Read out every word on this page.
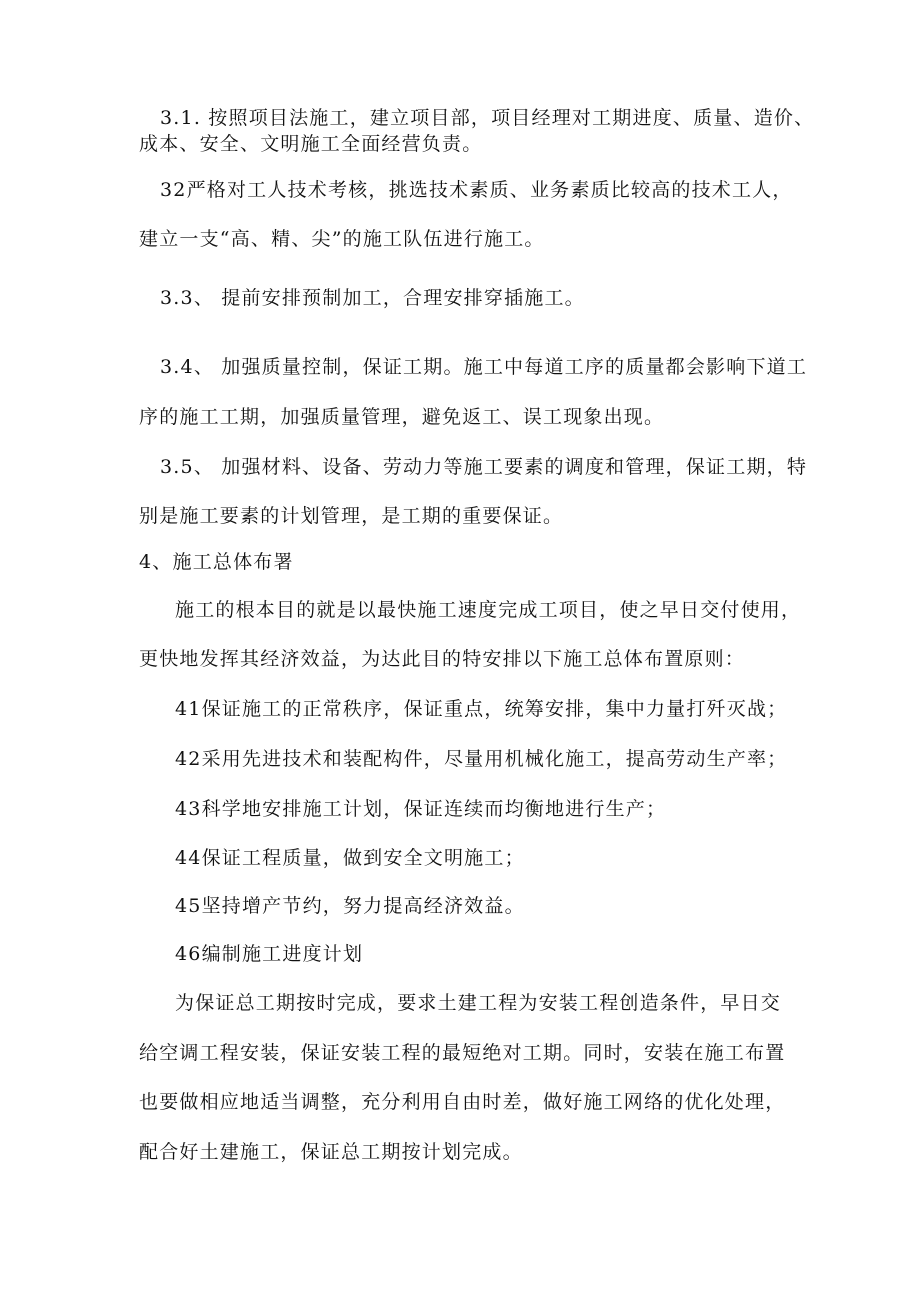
3.1. 按照项目法施工，建立项目部，项目经理对工期进度、质量、造价、
成本、安全、文明施工全面经营负责。
32严格对工人技术考核，挑选技术素质、业务素质比较高的技术工人，
建立一支“高、精、尖”的施工队伍进行施工。
3.3、 提前安排预制加工，合理安排穿插施工。
3.4、 加强质量控制，保证工期。施工中每道工序的质量都会影响下道工
序的施工工期，加强质量管理，避免返工、误工现象出现。
3.5、 加强材料、设备、劳动力等施工要素的调度和管理，保证工期，特
别是施工要素的计划管理，是工期的重要保证。
4、施工总体布署
施工的根本目的就是以最快施工速度完成工项目，使之早日交付使用，
更快地发挥其经济效益，为达此目的特安排以下施工总体布置原则：
41保证施工的正常秩序，保证重点，统筹安排，集中力量打歼灭战；
42采用先进技术和装配构件，尽量用机械化施工，提高劳动生产率；
43科学地安排施工计划，保证连续而均衡地进行生产；
44保证工程质量，做到安全文明施工；
45坚持增产节约，努力提高经济效益。
46编制施工进度计划
为保证总工期按时完成，要求土建工程为安装工程创造条件，早日交
给空调工程安装，保证安装工程的最短绝对工期。同时，安装在施工布置
也要做相应地适当调整，充分利用自由时差，做好施工网络的优化处理，
配合好土建施工，保证总工期按计划完成。
